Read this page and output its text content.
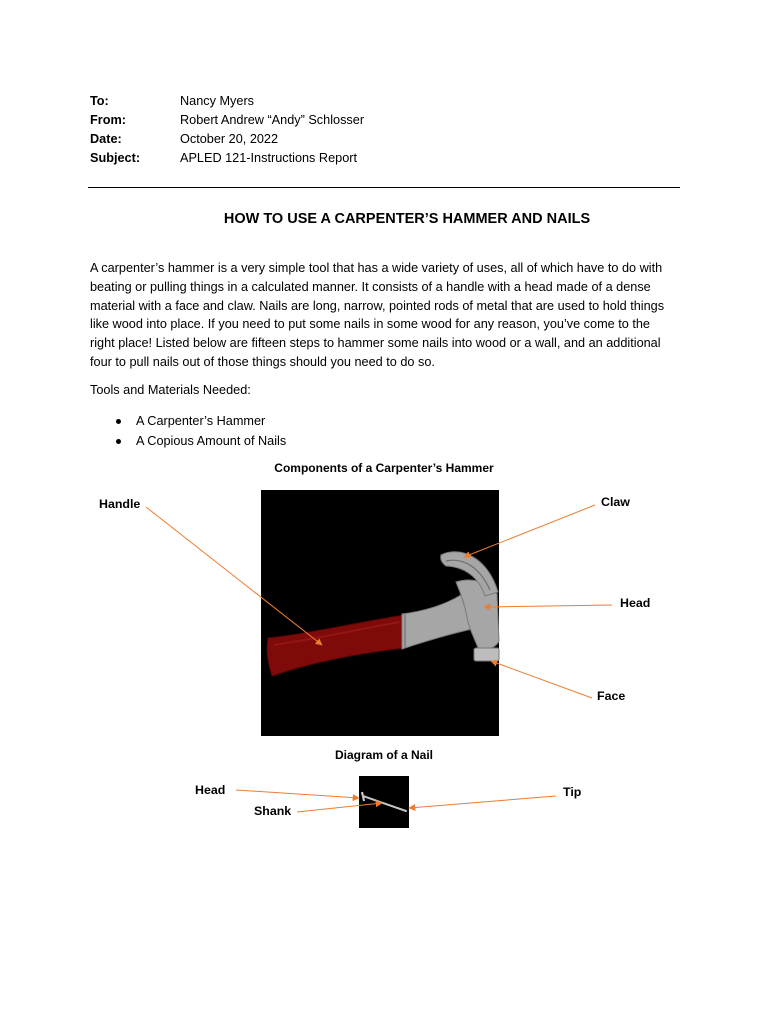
To:	Nancy Myers
From:	Robert Andrew “Andy” Schlosser
Date:	October 20, 2022
Subject:	APLED 121-Instructions Report
HOW TO USE A CARPENTER’S HAMMER AND NAILS
A carpenter’s hammer is a very simple tool that has a wide variety of uses, all of which have to do with
beating or pulling things in a calculated manner. It consists of a handle with a head made of a dense
material with a face and claw. Nails are long, narrow, pointed rods of metal that are used to hold things
like wood into place. If you need to put some nails in some wood for any reason, you’ve come to the
right place! Listed below are fifteen steps to hammer some nails into wood or a wall, and an additional
four to pull nails out of those things should you need to do so.
Tools and Materials Needed:
A Carpenter’s Hammer
A Copious Amount of Nails
Components of a Carpenter’s Hammer
Handle	Claw
Head
Face
Diagram of a Nail
Head
Shank
Tip
